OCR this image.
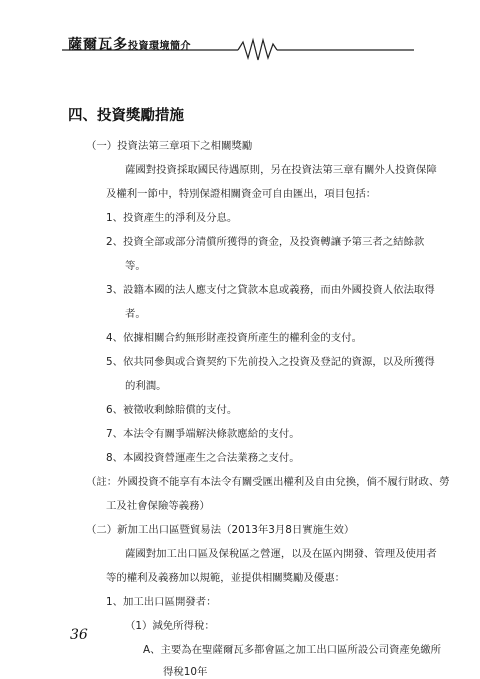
薩爾瓦多投資環境簡介
四、投資獎勵措施
（一）投資法第三章項下之相關獎勵
薩國對投資採取國民待遇原則，另在投資法第三章有關外人投資保障
及權利一節中，特別保證相關資金可自由匯出，項目包括：
1、投資產生的淨利及分息。
2、投資全部或部分清償所獲得的資金，及投資轉讓予第三者之結餘款
等。
3、設籍本國的法人應支付之貸款本息或義務，而由外國投資人依法取得
者。
4、依據相關合約無形財產投資所產生的權利金的支付。
5、依共同參與或合資契約下先前投入之投資及登記的資源，以及所獲得
的利潤。
6、被徵收剩餘賠償的支付。
7、本法令有關爭端解決條款應給的支付。
8、本國投資營運產生之合法業務之支付。
（註：外國投資不能享有本法令有關受匯出權利及自由兌換，倘不履行財政、勞
工及社會保險等義務）
（二）新加工出口區暨貿易法（2013年3月8日實施生效）
薩國對加工出口區及保稅區之營運，以及在區內開發、管理及使用者
等的權利及義務加以規範，並提供相關獎勵及優惠：
1、加工出口區開發者：
（1）減免所得稅：
A、主要為在聖薩爾瓦多都會區之加工出口區所設公司資產免繳所
得稅10年
36
